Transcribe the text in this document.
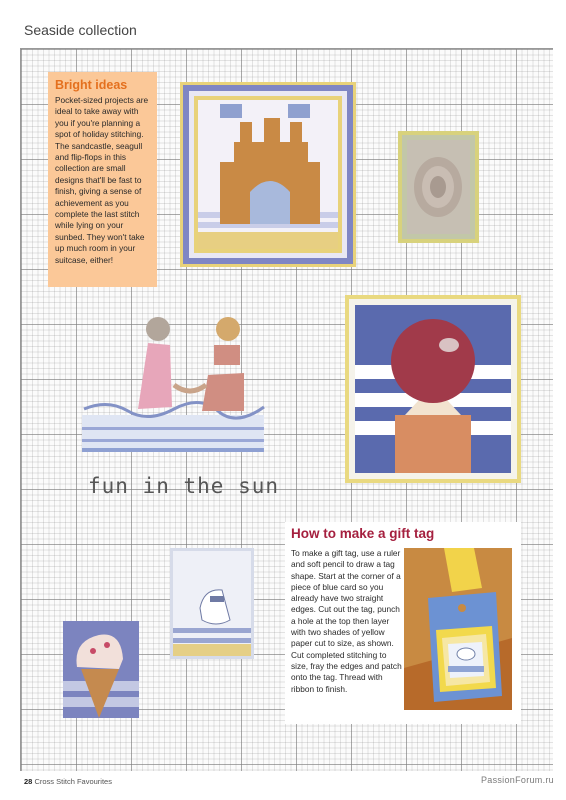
Seaside collection
Bright ideas
Pocket-sized projects are ideal to take away with you if you're planning a spot of holiday stitching. The sandcastle, seagull and flip-flops in this collection are small designs that'll be fast to finish, giving a sense of achievement as you complete the last stitch while lying on your sunbed. They won't take up much room in your suitcase, either!
fun in the sun
How to make a gift tag
To make a gift tag, use a ruler and soft pencil to draw a tag shape. Start at the corner of a piece of blue card so you already have two straight edges. Cut out the tag, punch a hole at the top then layer with two shades of yellow paper cut to size, as shown. Cut completed stitching to size, fray the edges and patch onto the tag. Thread with ribbon to finish.
28 Cross Stitch Favourites	PassionForum.ru
